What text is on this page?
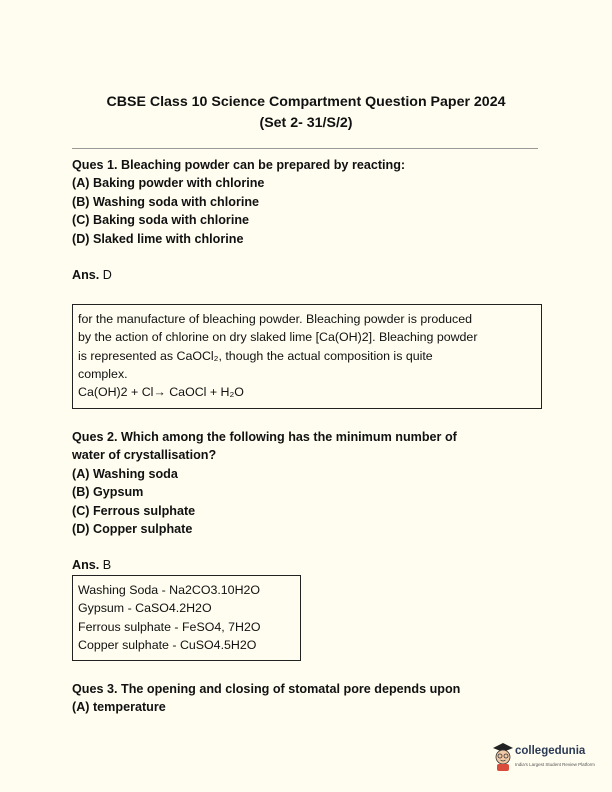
CBSE Class 10 Science Compartment Question Paper 2024
(Set 2- 31/S/2)
Ques 1. Bleaching powder can be prepared by reacting:
(A) Baking powder with chlorine
(B) Washing soda with chlorine
(C) Baking soda with chlorine
(D) Slaked lime with chlorine
Ans. D
for the manufacture of bleaching powder. Bleaching powder is produced
by the action of chlorine on dry slaked lime [Ca(OH)2]. Bleaching powder
is represented as CaOCl₂, though the actual composition is quite
complex.
Ca(OH)2 + Cl→ CaOCl + H₂O
Ques 2. Which among the following has the minimum number of
water of crystallisation?
(A) Washing soda
(B) Gypsum
(C) Ferrous sulphate
(D) Copper sulphate
Ans. B
Washing Soda - Na2CO3.10H2O
Gypsum - CaSO4.2H2O
Ferrous sulphate - FeSO4, 7H2O
Copper sulphate - CuSO4.5H2O
Ques 3. The opening and closing of stomatal pore depends upon
(A) temperature
collegedunia
India's Largest Student Review Platform
